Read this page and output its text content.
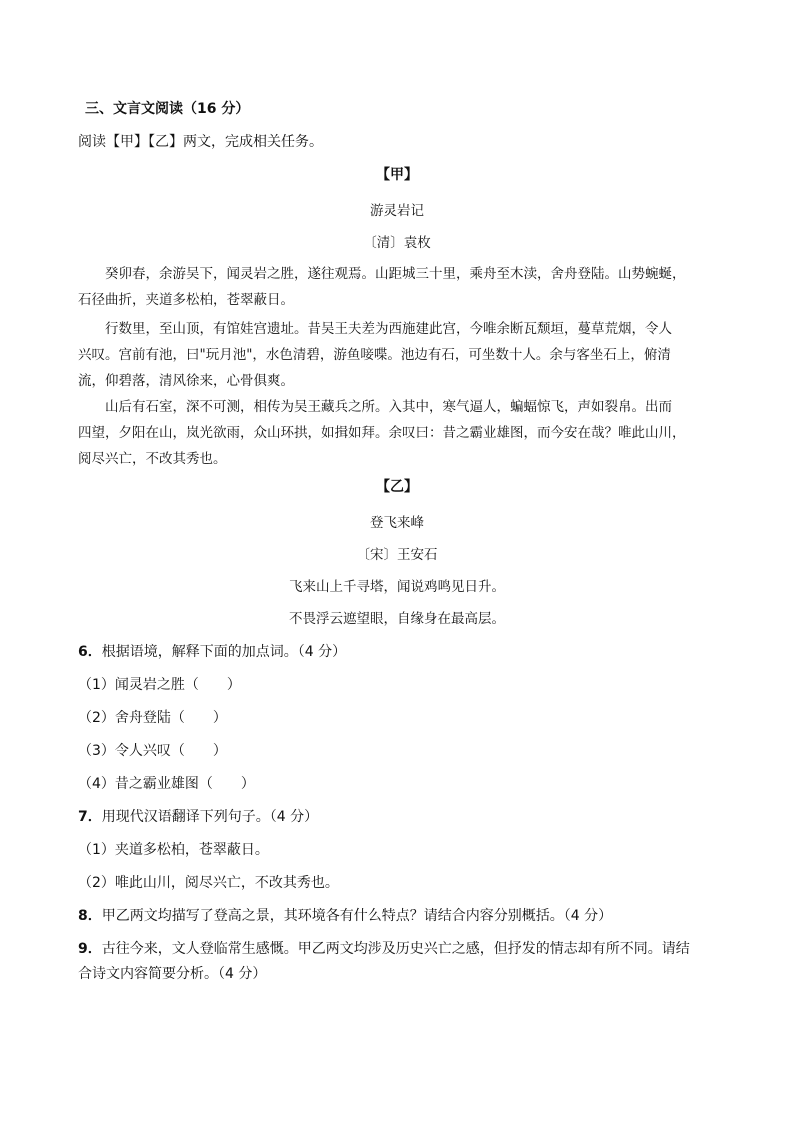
三、文言文阅读（16 分）
阅读【甲】【乙】两文，完成相关任务。
【甲】
游灵岩记
〔清〕袁枚
癸卯春，余游吴下，闻灵岩之胜，遂往观焉。山距城三十里，乘舟至木渎，舍舟登陆。山势蜿蜒，
石径曲折，夹道多松柏，苍翠蔽日。
行数里，至山顶，有馆娃宫遗址。昔吴王夫差为西施建此宫，今唯余断瓦颓垣，蔓草荒烟，令人
兴叹。宫前有池，曰"玩月池"，水色清碧，游鱼唼喋。池边有石，可坐数十人。余与客坐石上，俯清
流，仰碧落，清风徐来，心骨俱爽。
山后有石室，深不可测，相传为吴王藏兵之所。入其中，寒气逼人，蝙蝠惊飞，声如裂帛。出而
四望，夕阳在山，岚光欲雨，众山环拱，如揖如拜。余叹曰：昔之霸业雄图，而今安在哉？唯此山川，
阅尽兴亡，不改其秀也。
【乙】
登飞来峰
〔宋〕王安石
飞来山上千寻塔，闻说鸡鸣见日升。
不畏浮云遮望眼，自缘身在最高层。
6．根据语境，解释下面的加点词。（4 分）
（1）闻灵岩之胜（　　）
（2）舍舟登陆（　　）
（3）令人兴叹（　　）
（4）昔之霸业雄图（　　）
7．用现代汉语翻译下列句子。（4 分）
（1）夹道多松柏，苍翠蔽日。
（2）唯此山川，阅尽兴亡，不改其秀也。
8．甲乙两文均描写了登高之景，其环境各有什么特点？请结合内容分别概括。（4 分）
9．古往今来，文人登临常生感慨。甲乙两文均涉及历史兴亡之感，但抒发的情志却有所不同。请结
合诗文内容简要分析。（4 分）
